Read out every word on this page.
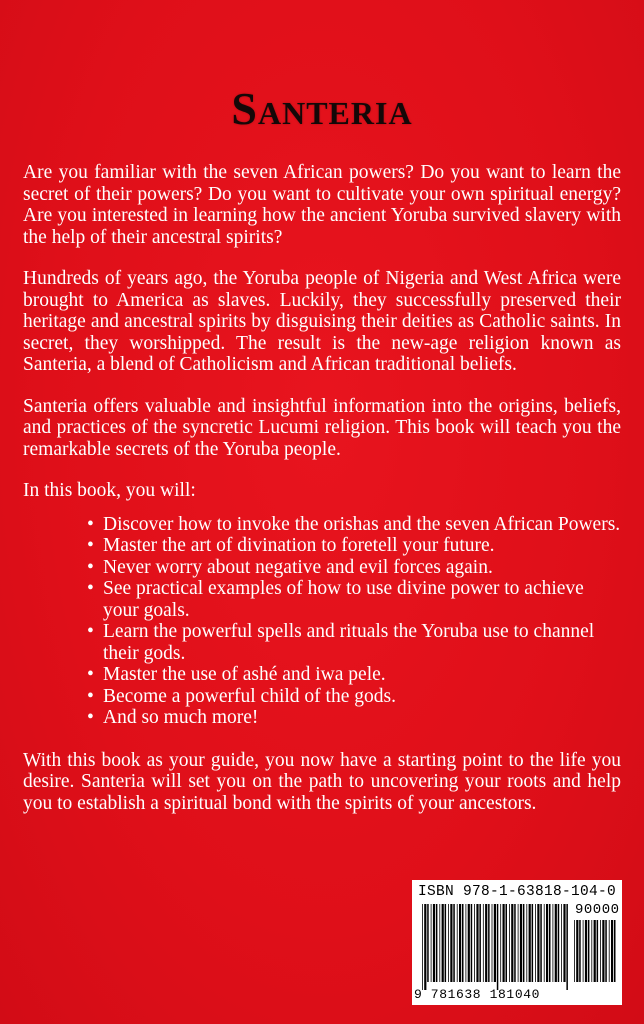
Santeria

Are you familiar with the seven African powers? Do you want to learn the secret of their powers? Do you want to cultivate your own spiritual energy? Are you interested in learning how the ancient Yoruba survived slavery with the help of their ancestral spirits?

Hundreds of years ago, the Yoruba people of Nigeria and West Africa were brought to America as slaves. Luckily, they successfully preserved their heritage and ancestral spirits by disguising their deities as Catholic saints. In secret, they worshipped. The result is the new-age religion known as Santeria, a blend of Catholicism and African traditional beliefs.

Santeria offers valuable and insightful information into the origins, beliefs, and practices of the syncretic Lucumi religion. This book will teach you the remarkable secrets of the Yoruba people.

In this book, you will:

• Discover how to invoke the orishas and the seven African Powers.
• Master the art of divination to foretell your future.
• Never worry about negative and evil forces again.
• See practical examples of how to use divine power to achieve your goals.
• Learn the powerful spells and rituals the Yoruba use to channel their gods.
• Master the use of ashé and iwa pele.
• Become a powerful child of the gods.
• And so much more!

With this book as your guide, you now have a starting point to the life you desire. Santeria will set you on the path to uncovering your roots and help you to establish a spiritual bond with the spirits of your ancestors.

ISBN 978-1-63818-104-0
90000
9 781638 181040
